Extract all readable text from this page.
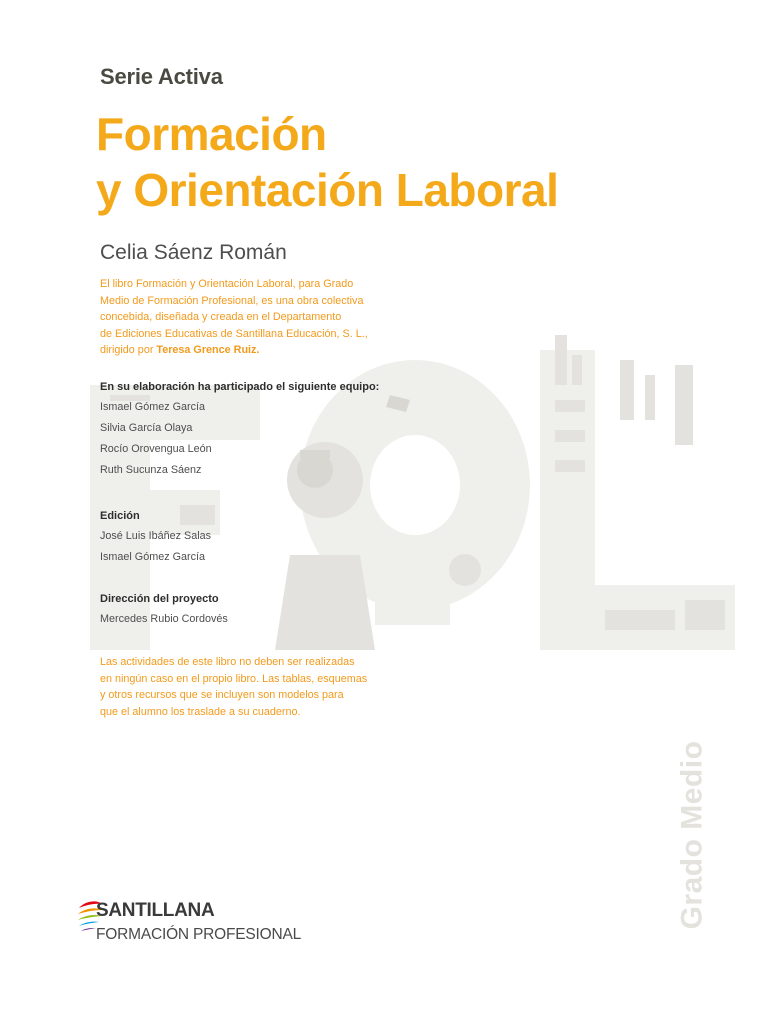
Serie Activa
Formación
y Orientación Laboral
Celia Sáenz Román
El libro Formación y Orientación Laboral, para Grado
Medio de Formación Profesional, es una obra colectiva
concebida, diseñada y creada en el Departamento
de Ediciones Educativas de Santillana Educación, S. L.,
dirigido por Teresa Grence Ruiz.
En su elaboración ha participado el siguiente equipo:
Ismael Gómez García
Silvia García Olaya
Rocío Orovengua León
Ruth Sucunza Sáenz
Edición
José Luis Ibáñez Salas
Ismael Gómez García
Dirección del proyecto
Mercedes Rubio Cordovés
Las actividades de este libro no deben ser realizadas
en ningún caso en el propio libro. Las tablas, esquemas
y otros recursos que se incluyen son modelos para
que el alumno los traslade a su cuaderno.
Grado Medio
SANTILLANA
FORMACIÓN PROFESIONAL
